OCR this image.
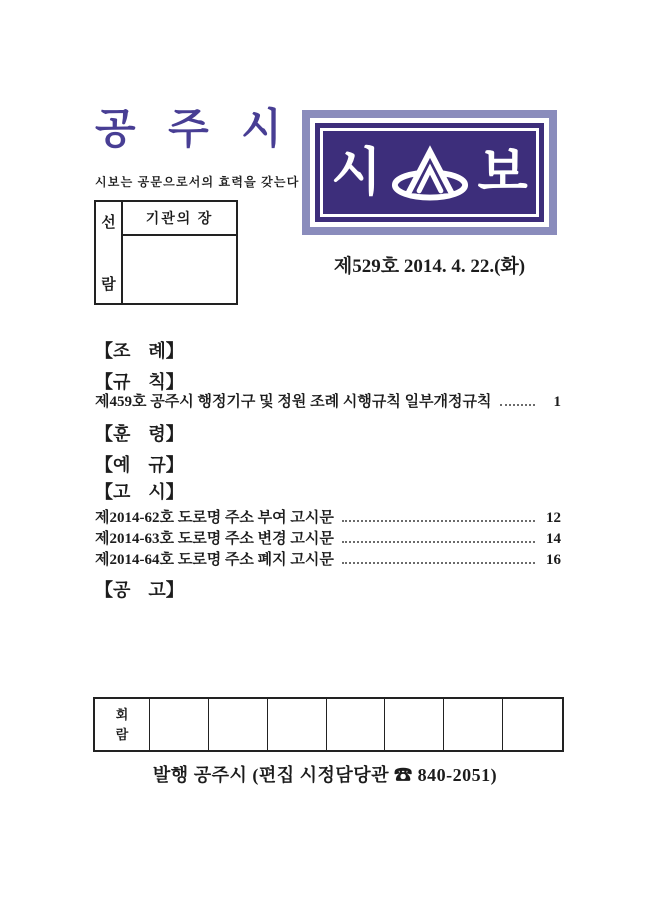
공 주 시
시보는 공문으로서의 효력을 갖는다
선
람
기관의 장
시 보
제529호 2014. 4. 22.(화)
【조　례】
【규　칙】
제459호 공주시 행정기구 및 정원 조례 시행규칙 일부개정규칙	1
【훈　령】
【예　규】
【고　시】
제2014-62호 도로명 주소 부여 고시문	12
제2014-63호 도로명 주소 변경 고시문	14
제2014-64호 도로명 주소 폐지 고시문	16
【공　고】
회
람
발행 공주시 (편집 시정담당관 ☎ 840-2051)
